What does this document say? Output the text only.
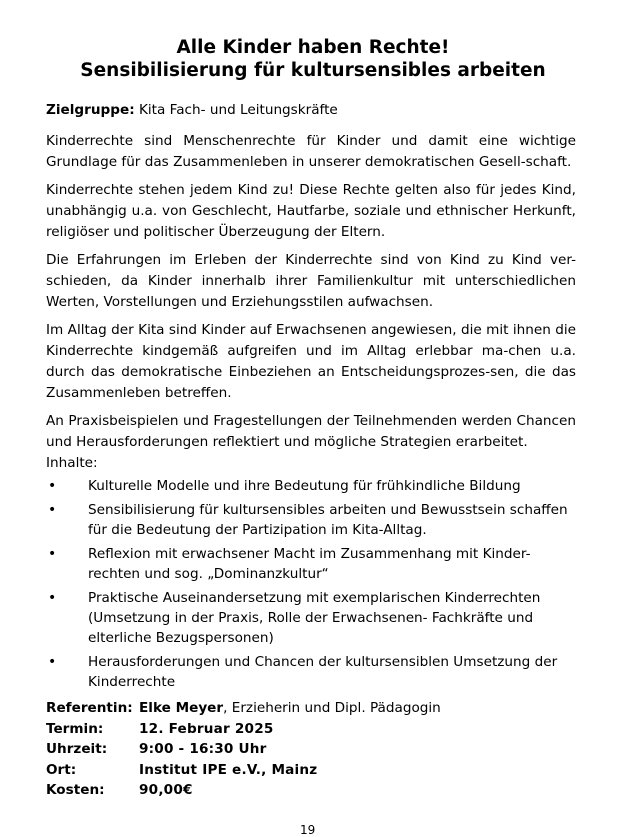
Alle Kinder haben Rechte!
Sensibilisierung für kultursensibles arbeiten
Zielgruppe: Kita Fach- und Leitungskräfte
Kinderrechte sind Menschenrechte für Kinder und damit eine wichtige Grundlage für das Zusammenleben in unserer demokratischen Gesell-schaft.
Kinderrechte stehen jedem Kind zu! Diese Rechte gelten also für jedes Kind, unabhängig u.a. von Geschlecht, Hautfarbe, soziale und ethnischer Herkunft, religiöser und politischer Überzeugung der Eltern.
Die Erfahrungen im Erleben der Kinderrechte sind von Kind zu Kind ver-schieden, da Kinder innerhalb ihrer Familienkultur mit unterschiedlichen Werten, Vorstellungen und Erziehungsstilen aufwachsen.
Im Alltag der Kita sind Kinder auf Erwachsenen angewiesen, die mit ihnen die Kinderrechte kindgemäß aufgreifen und im Alltag erlebbar ma-chen u.a. durch das demokratische Einbeziehen an Entscheidungsprozes-sen, die das Zusammenleben betreffen.
An Praxisbeispielen und Fragestellungen der Teilnehmenden werden Chancen und Herausforderungen reflektiert und mögliche Strategien erarbeitet.
Inhalte:
• Kulturelle Modelle und ihre Bedeutung für frühkindliche Bildung
• Sensibilisierung für kultursensibles arbeiten und Bewusstsein schaffen für die Bedeutung der Partizipation im Kita-Alltag.
• Reflexion mit erwachsener Macht im Zusammenhang mit Kinder-rechten und sog. „Dominanzkultur“
• Praktische Auseinandersetzung mit exemplarischen Kinderrechten (Umsetzung in der Praxis, Rolle der Erwachsenen- Fachkräfte und elterliche Bezugspersonen)
• Herausforderungen und Chancen der kultursensiblen Umsetzung der Kinderrechte
Referentin: Elke Meyer, Erzieherin und Dipl. Pädagogin
Termin:	12. Februar 2025
Uhrzeit:	9:00 - 16:30 Uhr
Ort:	Institut IPE e.V., Mainz
Kosten:	90,00€
19
